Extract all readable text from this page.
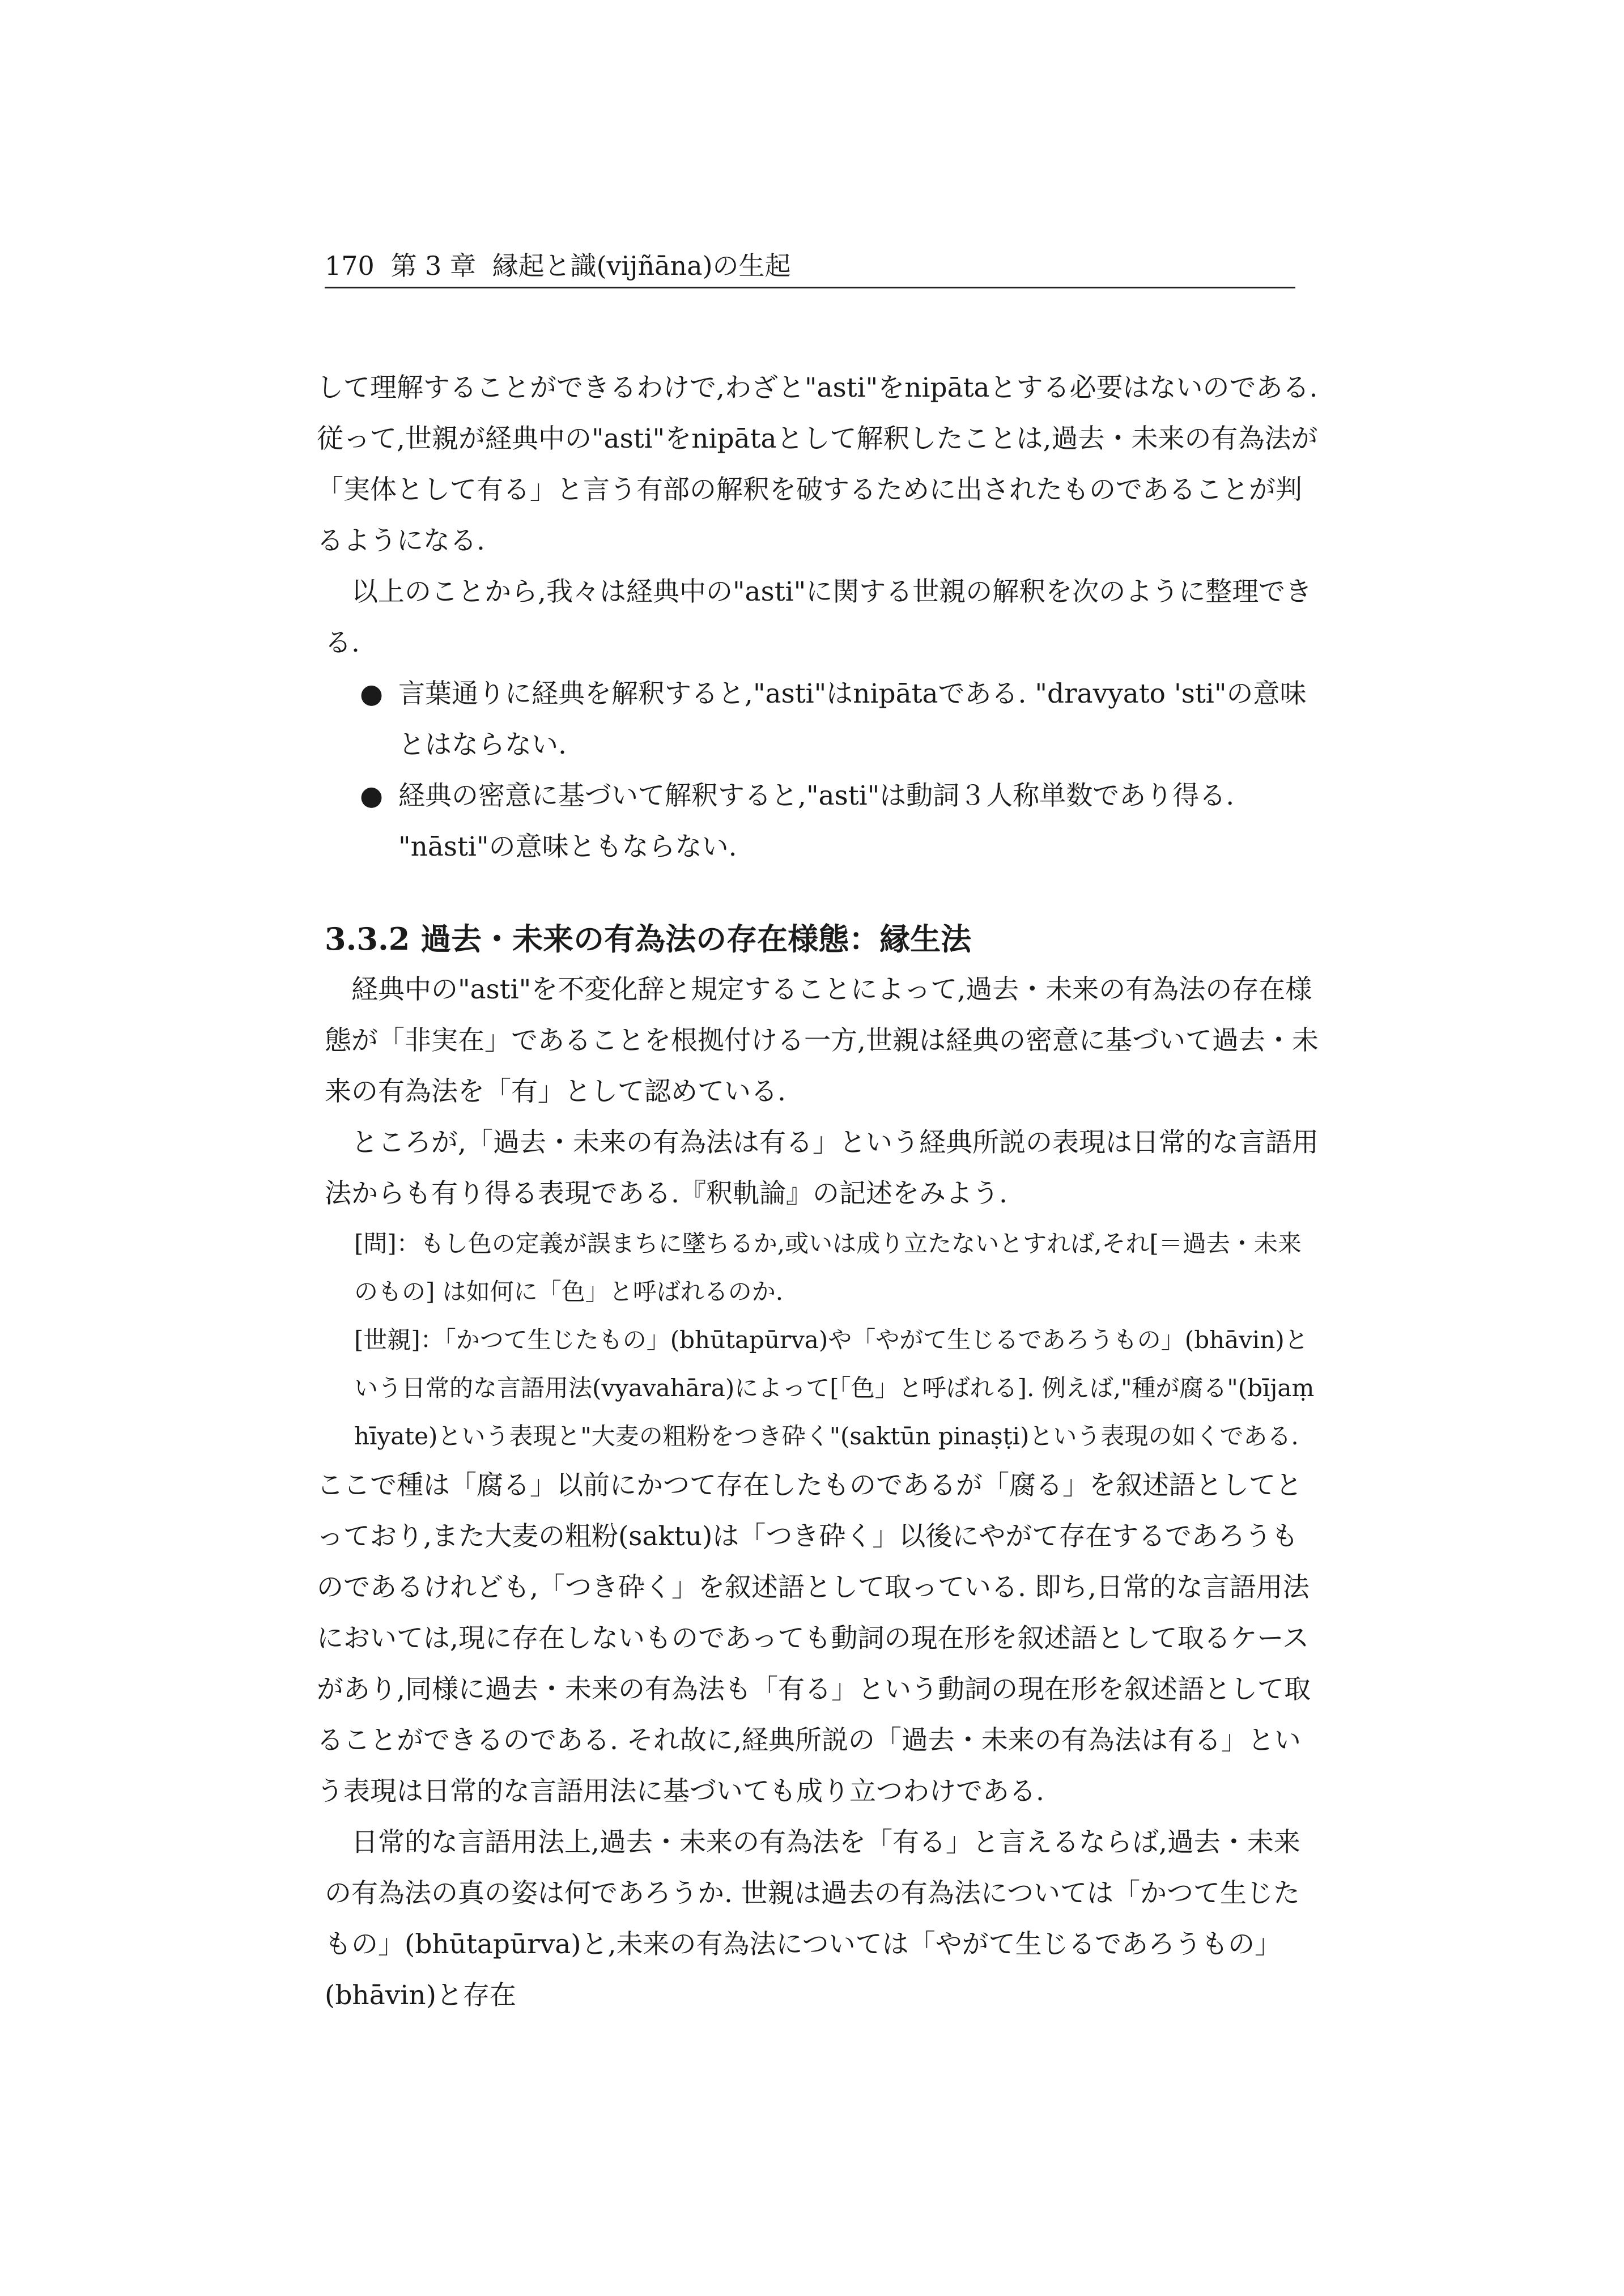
170 第 3 章 縁起と識(vijñāna)の生起

して理解することができるわけで,わざと"asti"をnipātaとする必要はないのである.従って,世親が経典中の"asti"をnipātaとして解釈したことは,過去・未来の有為法が「実体として有る」と言う有部の解釈を破するために出されたものであることが判るようになる.

以上のことから,我々は経典中の"asti"に関する世親の解釈を次のように整理できる.

● 言葉通りに経典を解釈すると,"asti"はnipātaである. "dravyato 'sti"の意味とはならない.
● 経典の密意に基づいて解釈すると,"asti"は動詞３人称単数であり得る. "nāsti"の意味ともならない.
3.3.2 過去・未来の有為法の存在様態：縁生法

経典中の"asti"を不変化辞と規定することによって,過去・未来の有為法の存在様態が「非実在」であることを根拠付ける一方,世親は経典の密意に基づいて過去・未来の有為法を「有」として認めている.

ところが,「過去・未来の有為法は有る」という経典所説の表現は日常的な言語用法からも有り得る表現である.『釈軌論』の記述をみよう.

[問]：もし色の定義が誤まちに墜ちるか,或いは成り立たないとすれば,それ[＝過去・未来のもの] は如何に「色」と呼ばれるのか.

[世親]：「かつて生じたもの」(bhūtapūrva)や「やがて生じるであろうもの」(bhāvin)という日常的な言語用法(vyavahāra)によって[「色」と呼ばれる]. 例えば,"種が腐る"(bījaṃ hīyate)という表現と"大麦の粗粉をつき砕く"(saktūn pinaṣṭi)という表現の如くである.

ここで種は「腐る」以前にかつて存在したものであるが「腐る」を叙述語としてとっており,また大麦の粗粉(saktu)は「つき砕く」以後にやがて存在するであろうものであるけれども,「つき砕く」を叙述語として取っている. 即ち,日常的な言語用法においては,現に存在しないものであっても動詞の現在形を叙述語として取るケースがあり,同様に過去・未来の有為法も「有る」という動詞の現在形を叙述語として取ることができるのである. それ故に,経典所説の「過去・未来の有為法は有る」という表現は日常的な言語用法に基づいても成り立つわけである.

日常的な言語用法上,過去・未来の有為法を「有る」と言えるならば,過去・未来の有為法の真の姿は何であろうか. 世親は過去の有為法については「かつて生じたもの」(bhūtapūrva)と,未来の有為法については「やがて生じるであろうもの」(bhāvin)と存在
